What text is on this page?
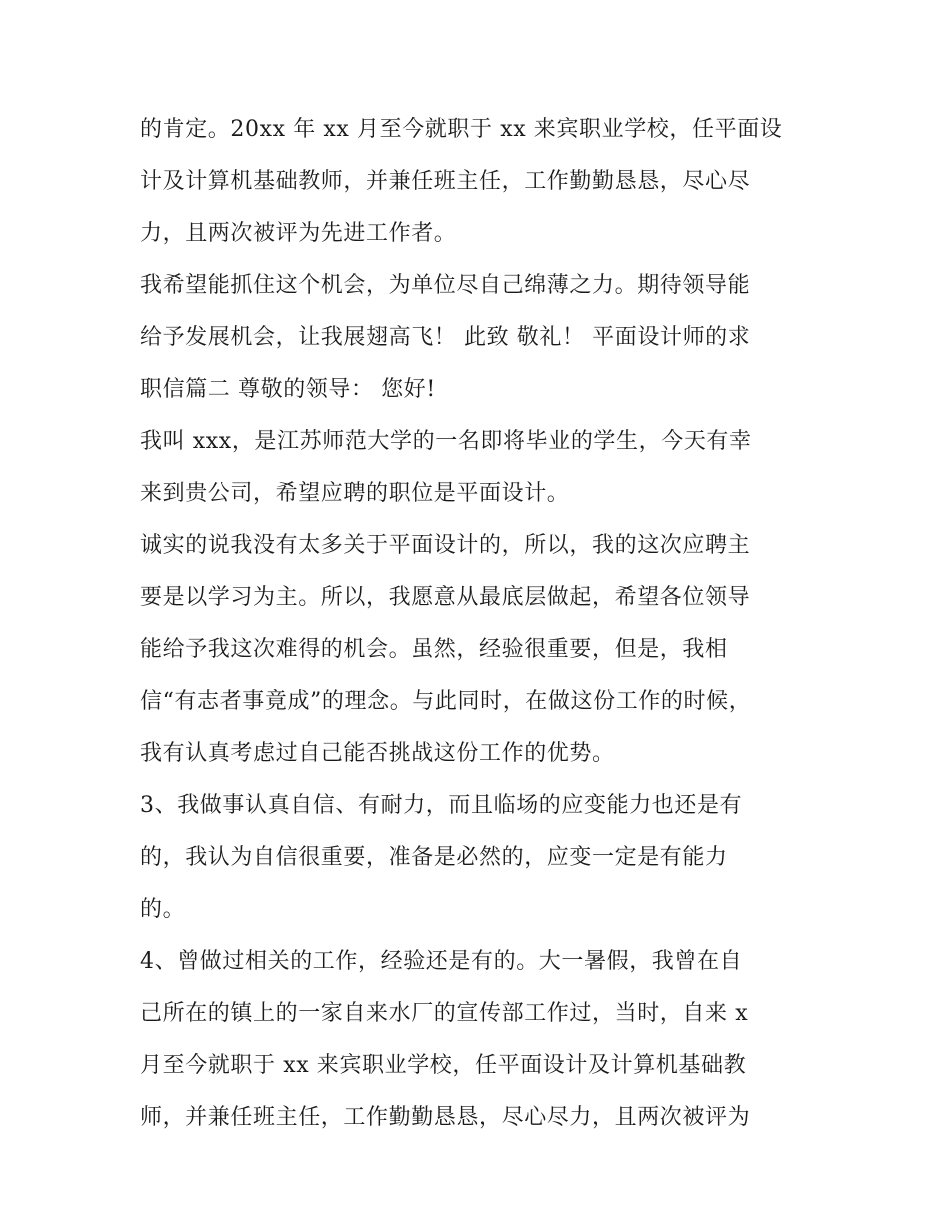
的肯定。20xx 年 xx 月至今就职于 xx 来宾职业学校，任平面设
计及计算机基础教师，并兼任班主任，工作勤勤恳恳，尽心尽
力，且两次被评为先进工作者。
我希望能抓住这个机会，为单位尽自己绵薄之力。期待领导能
给予发展机会，让我展翅高飞！ 此致 敬礼！ 平面设计师的求
职信篇二 尊敬的领导： 您好!
我叫 xxx，是江苏师范大学的一名即将毕业的学生，今天有幸
来到贵公司，希望应聘的职位是平面设计。
诚实的说我没有太多关于平面设计的，所以，我的这次应聘主
要是以学习为主。所以，我愿意从最底层做起，希望各位领导
能给予我这次难得的机会。虽然，经验很重要，但是，我相
信“有志者事竟成”的理念。与此同时，在做这份工作的时候，
我有认真考虑过自己能否挑战这份工作的优势。
3、我做事认真自信、有耐力，而且临场的应变能力也还是有
的，我认为自信很重要，准备是必然的，应变一定是有能力
的。
4、曾做过相关的工作，经验还是有的。大一暑假，我曾在自
己所在的镇上的一家自来水厂的宣传部工作过，当时，自来 x
月至今就职于 xx 来宾职业学校，任平面设计及计算机基础教
师，并兼任班主任，工作勤勤恳恳，尽心尽力，且两次被评为
